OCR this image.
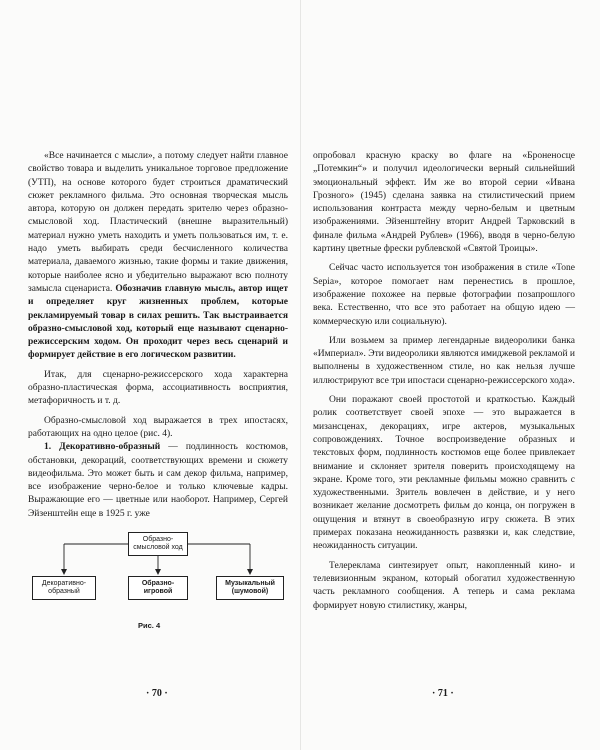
«Все начинается с мысли», а потому следует найти главное свойство товара и выделить уникальное торговое предложение (УТП), на основе которого будет строиться драматический сюжет рекламного фильма. Это основная творческая мысль автора, которую он должен передать зрителю через образно-смысловой ход. Пластический (внешне выразительный) материал нужно уметь находить и уметь пользоваться им, т. е. надо уметь выбирать среди бесчисленного количества материала, даваемого жизнью, такие формы и такие движения, которые наиболее ясно и убедительно выражают всю полноту замысла сценариста. Обозначив главную мысль, автор ищет и определяет круг жизненных проблем, которые рекламируемый товар в силах решить. Так выстраивается образно-смысловой ход, который еще называют сценарно-режиссерским ходом. Он проходит через весь сценарий и формирует действие в его логическом развитии.

Итак, для сценарно-режиссерского хода характерна образно-пластическая форма, ассоциативность восприятия, метафоричность и т. д.

Образно-смысловой ход выражается в трех ипостасях, работающих на одно целое (рис. 4).

1. Декоративно-образный — подлинность костюмов, обстановки, декораций, соответствующих времени и сюжету видеофильма. Это может быть и сам декор фильма, например, все изображение черно-белое и только ключевые кадры. Выражающие его — цветные или наоборот. Например, Сергей Эйзенштейн еще в 1925 г. уже

Образно-смысловой ход
Декоративно-образный
Образно-игровой
Музыкальный (шумовой)
Рис. 4

опробовал красную краску во флаге на «Броненосце „Потемкин“» и получил идеологически верный сильнейший эмоциональный эффект. Им же во второй серии «Ивана Грозного» (1945) сделана заявка на стилистический прием использования контраста между черно-белым и цветным изображениями. Эйзенштейну вторит Андрей Тарковский в финале фильма «Андрей Рублев» (1966), вводя в черно-белую картину цветные фрески рублевской «Святой Троицы».

Сейчас часто используется тон изображения в стиле «Tone Sepia», которое помогает нам перенестись в прошлое, изображение похожее на первые фотографии позапрошлого века. Естественно, что все это работает на общую идею — коммерческую или социальную).

Или возьмем за пример легендарные видеоролики банка «Империал». Эти видеоролики являются имиджевой рекламой и выполнены в художественном стиле, но как нельзя лучше иллюстрируют все три ипостаси сценарно-режиссерского хода».

Они поражают своей простотой и краткостью. Каждый ролик соответствует своей эпохе — это выражается в мизансценах, декорациях, игре актеров, музыкальных сопровождениях. Точное воспроизведение образных и текстовых форм, подлинность костюмов еще более привлекает внимание и склоняет зрителя поверить происходящему на экране. Кроме того, эти рекламные фильмы можно сравнить с художественными. Зритель вовлечен в действие, и у него возникает желание досмотреть фильм до конца, он погружен в ощущения и втянут в своеобразную игру сюжета. В этих примерах показана неожиданность развязки и, как следствие, неожиданность ситуации.

Телереклама синтезирует опыт, накопленный кино- и телевизионным экраном, который обогатил художественную часть рекламного сообщения. А теперь и сама реклама формирует новую стилистику, жанры,

· 70 ·	· 71 ·
